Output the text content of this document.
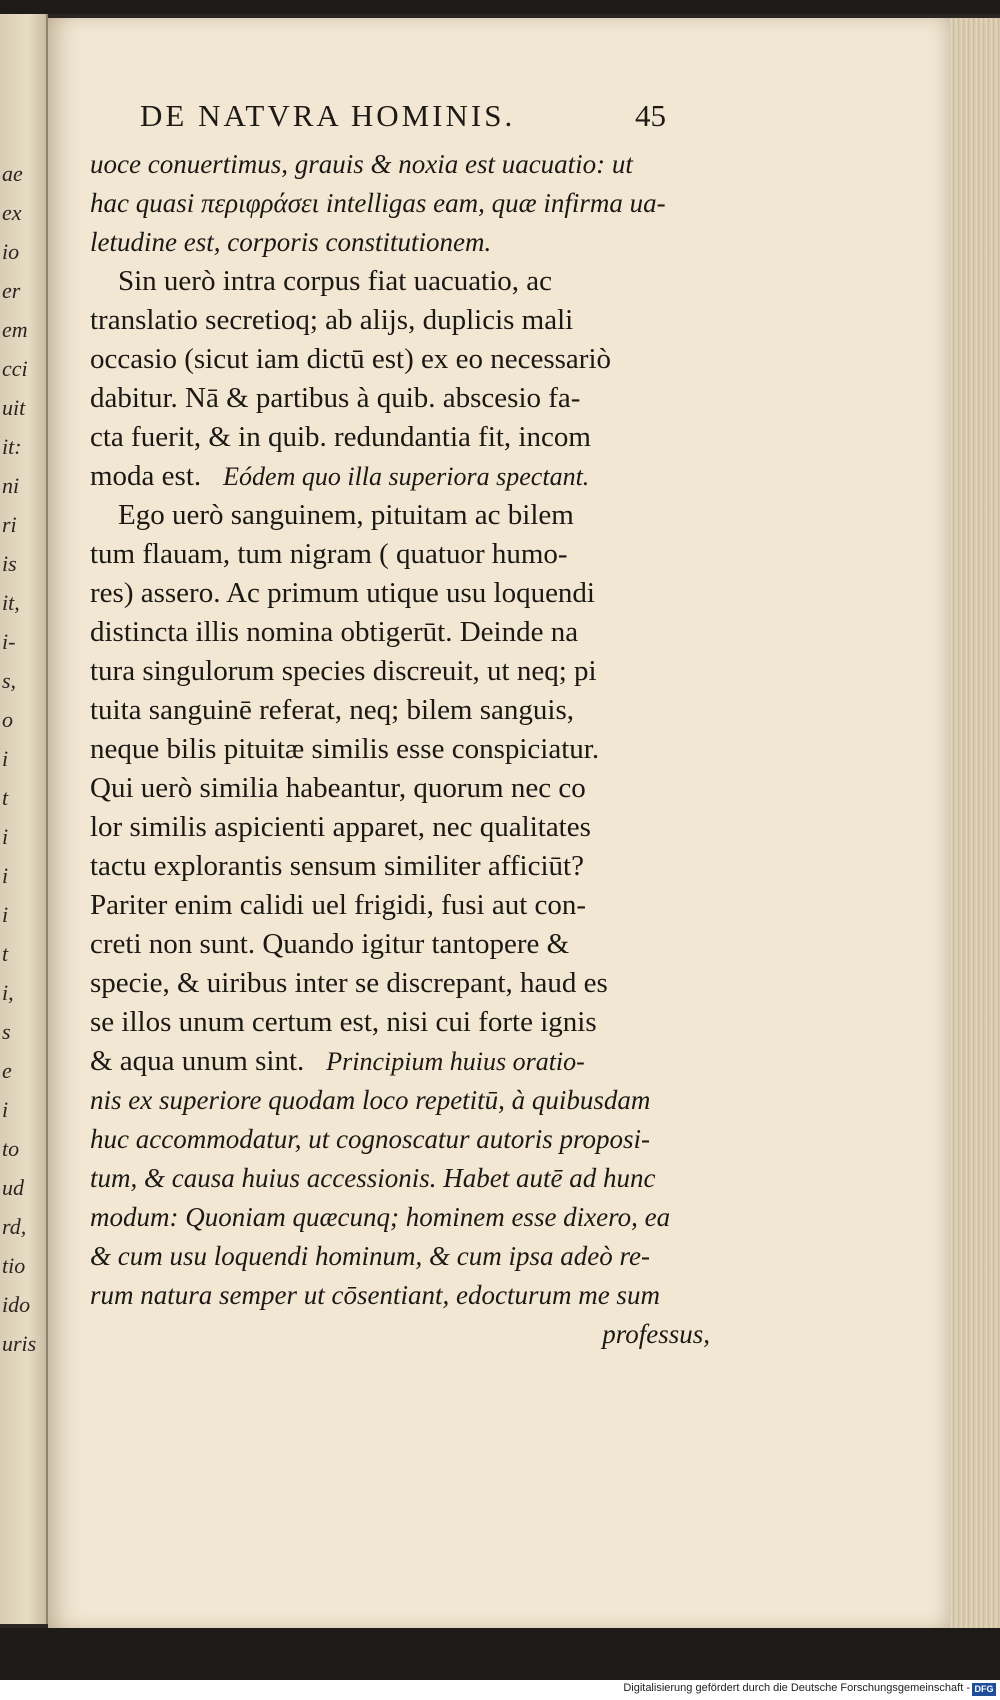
ae
ex
io
er
em
cci
uit
it:
ni
ri
is
it,
i-
s,
o
i
t
i
i
i
t
i,
s
e
i
to
ud
rd,
tio
ido
uris
DE NATVRA HOMINIS.	45
uoce conuertimus, grauis & noxia est uacuatio: ut
hac quasi περιφράσει intelligas eam, quæ infirma ua-
letudine est, corporis constitutionem.
Sin uerò intra corpus fiat uacuatio, ac
translatio secretioq; ab alijs, duplicis mali
occasio (sicut iam dictū est) ex eo necessariò
dabitur. Nā & partibus à quib. abscesio fa-
cta fuerit, & in quib. redundantia fit, incom
moda est. Eódem quo illa superiora spectant.
Ego uerò sanguinem, pituitam ac bilem
tum flauam, tum nigram ( quatuor humo-
res) assero. Ac primum utique usu loquendi
distincta illis nomina obtigerūt. Deinde na
tura singulorum species discreuit, ut neq; pi
tuita sanguinē referat, neq; bilem sanguis,
neque bilis pituitæ similis esse conspiciatur.
Qui uerò similia habeantur, quorum nec co
lor similis aspicienti apparet, nec qualitates
tactu explorantis sensum similiter afficiūt?
Pariter enim calidi uel frigidi, fusi aut con-
creti non sunt. Quando igitur tantopere &
specie, & uiribus inter se discrepant, haud es
se illos unum certum est, nisi cui forte ignis
& aqua unum sint. Principium huius oratio-
nis ex superiore quodam loco repetitū, à quibusdam
huc accommodatur, ut cognoscatur autoris proposi-
tum, & causa huius accessionis. Habet autē ad hunc
modum: Quoniam quæcunq; hominem esse dixero, ea
& cum usu loquendi hominum, & cum ipsa adeò re-
rum natura semper ut cōsentiant, edocturum me sum
professus,
Digitalisierung gefördert durch die Deutsche Forschungsgemeinschaft - DFG
